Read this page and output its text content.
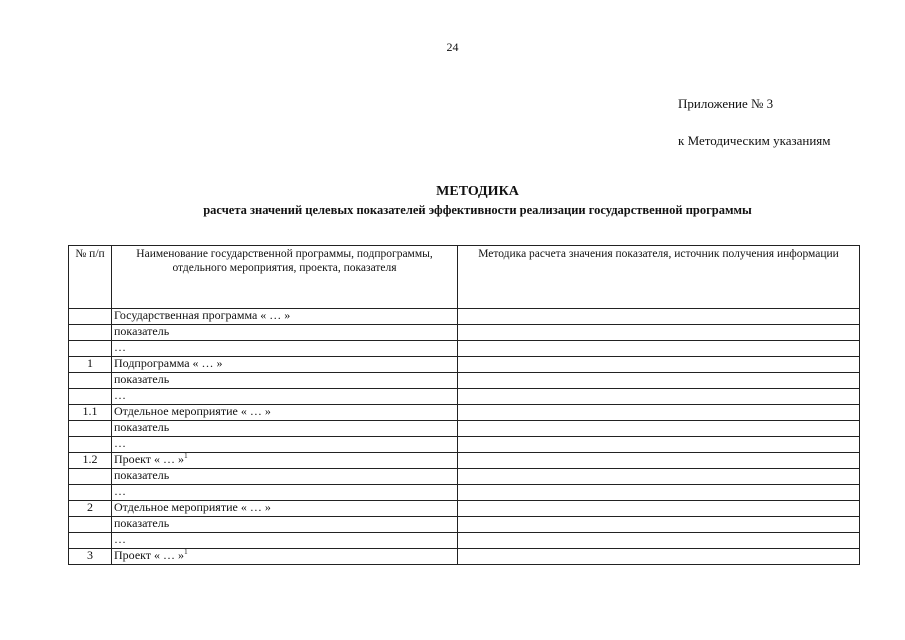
24
Приложение № 3
к Методическим указаниям
МЕТОДИКА
расчета значений целевых показателей эффективности реализации государственной программы
№ п/п	Наименование государственной программы, подпрограммы, отдельного мероприятия, проекта, показателя	Методика расчета значения показателя, источник получения информации
	Государственная программа « … »	
	показатель	
	…	
1	Подпрограмма « … »	
	показатель	
	…	
1.1	Отдельное мероприятие « … »	
	показатель	
	…	
1.2	Проект « … »$^1$	
	показатель	
	…	
2	Отдельное мероприятие « … »	
	показатель	
	…	
3	Проект « … »$^1$	
